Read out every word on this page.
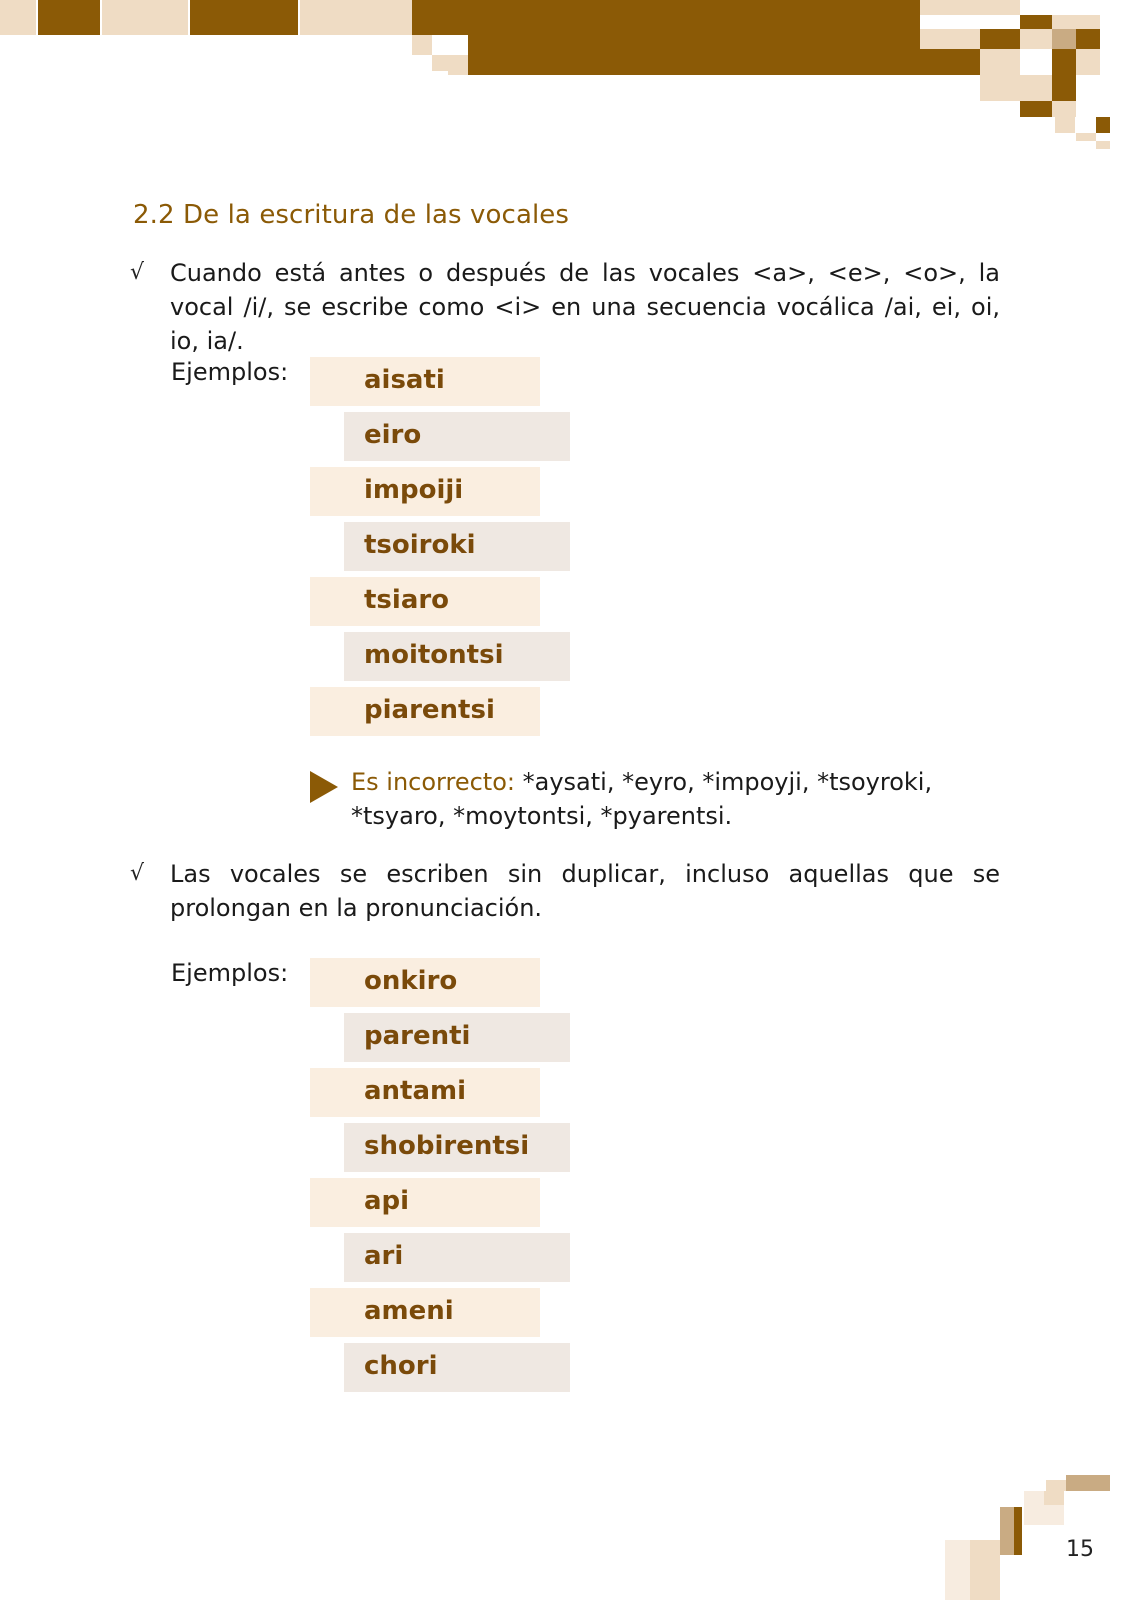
2.2 De la escritura de las vocales
√ Cuando está antes o después de las vocales <a>, <e>, <o>, la vocal /i/, se escribe como <i> en una secuencia vocálica /ai, ei, oi, io, ia/.
Ejemplos:	aisati
eiro
impoiji
tsoiroki
tsiaro
moitontsi
piarentsi
Es incorrecto: *aysati, *eyro, *impoyji, *tsoyroki, *tsyaro, *moytontsi, *pyarentsi.
√ Las vocales se escriben sin duplicar, incluso aquellas que se prolongan en la pronunciación.
Ejemplos:	onkiro
parenti
antami
shobirentsi
api
ari
ameni
chori
15
